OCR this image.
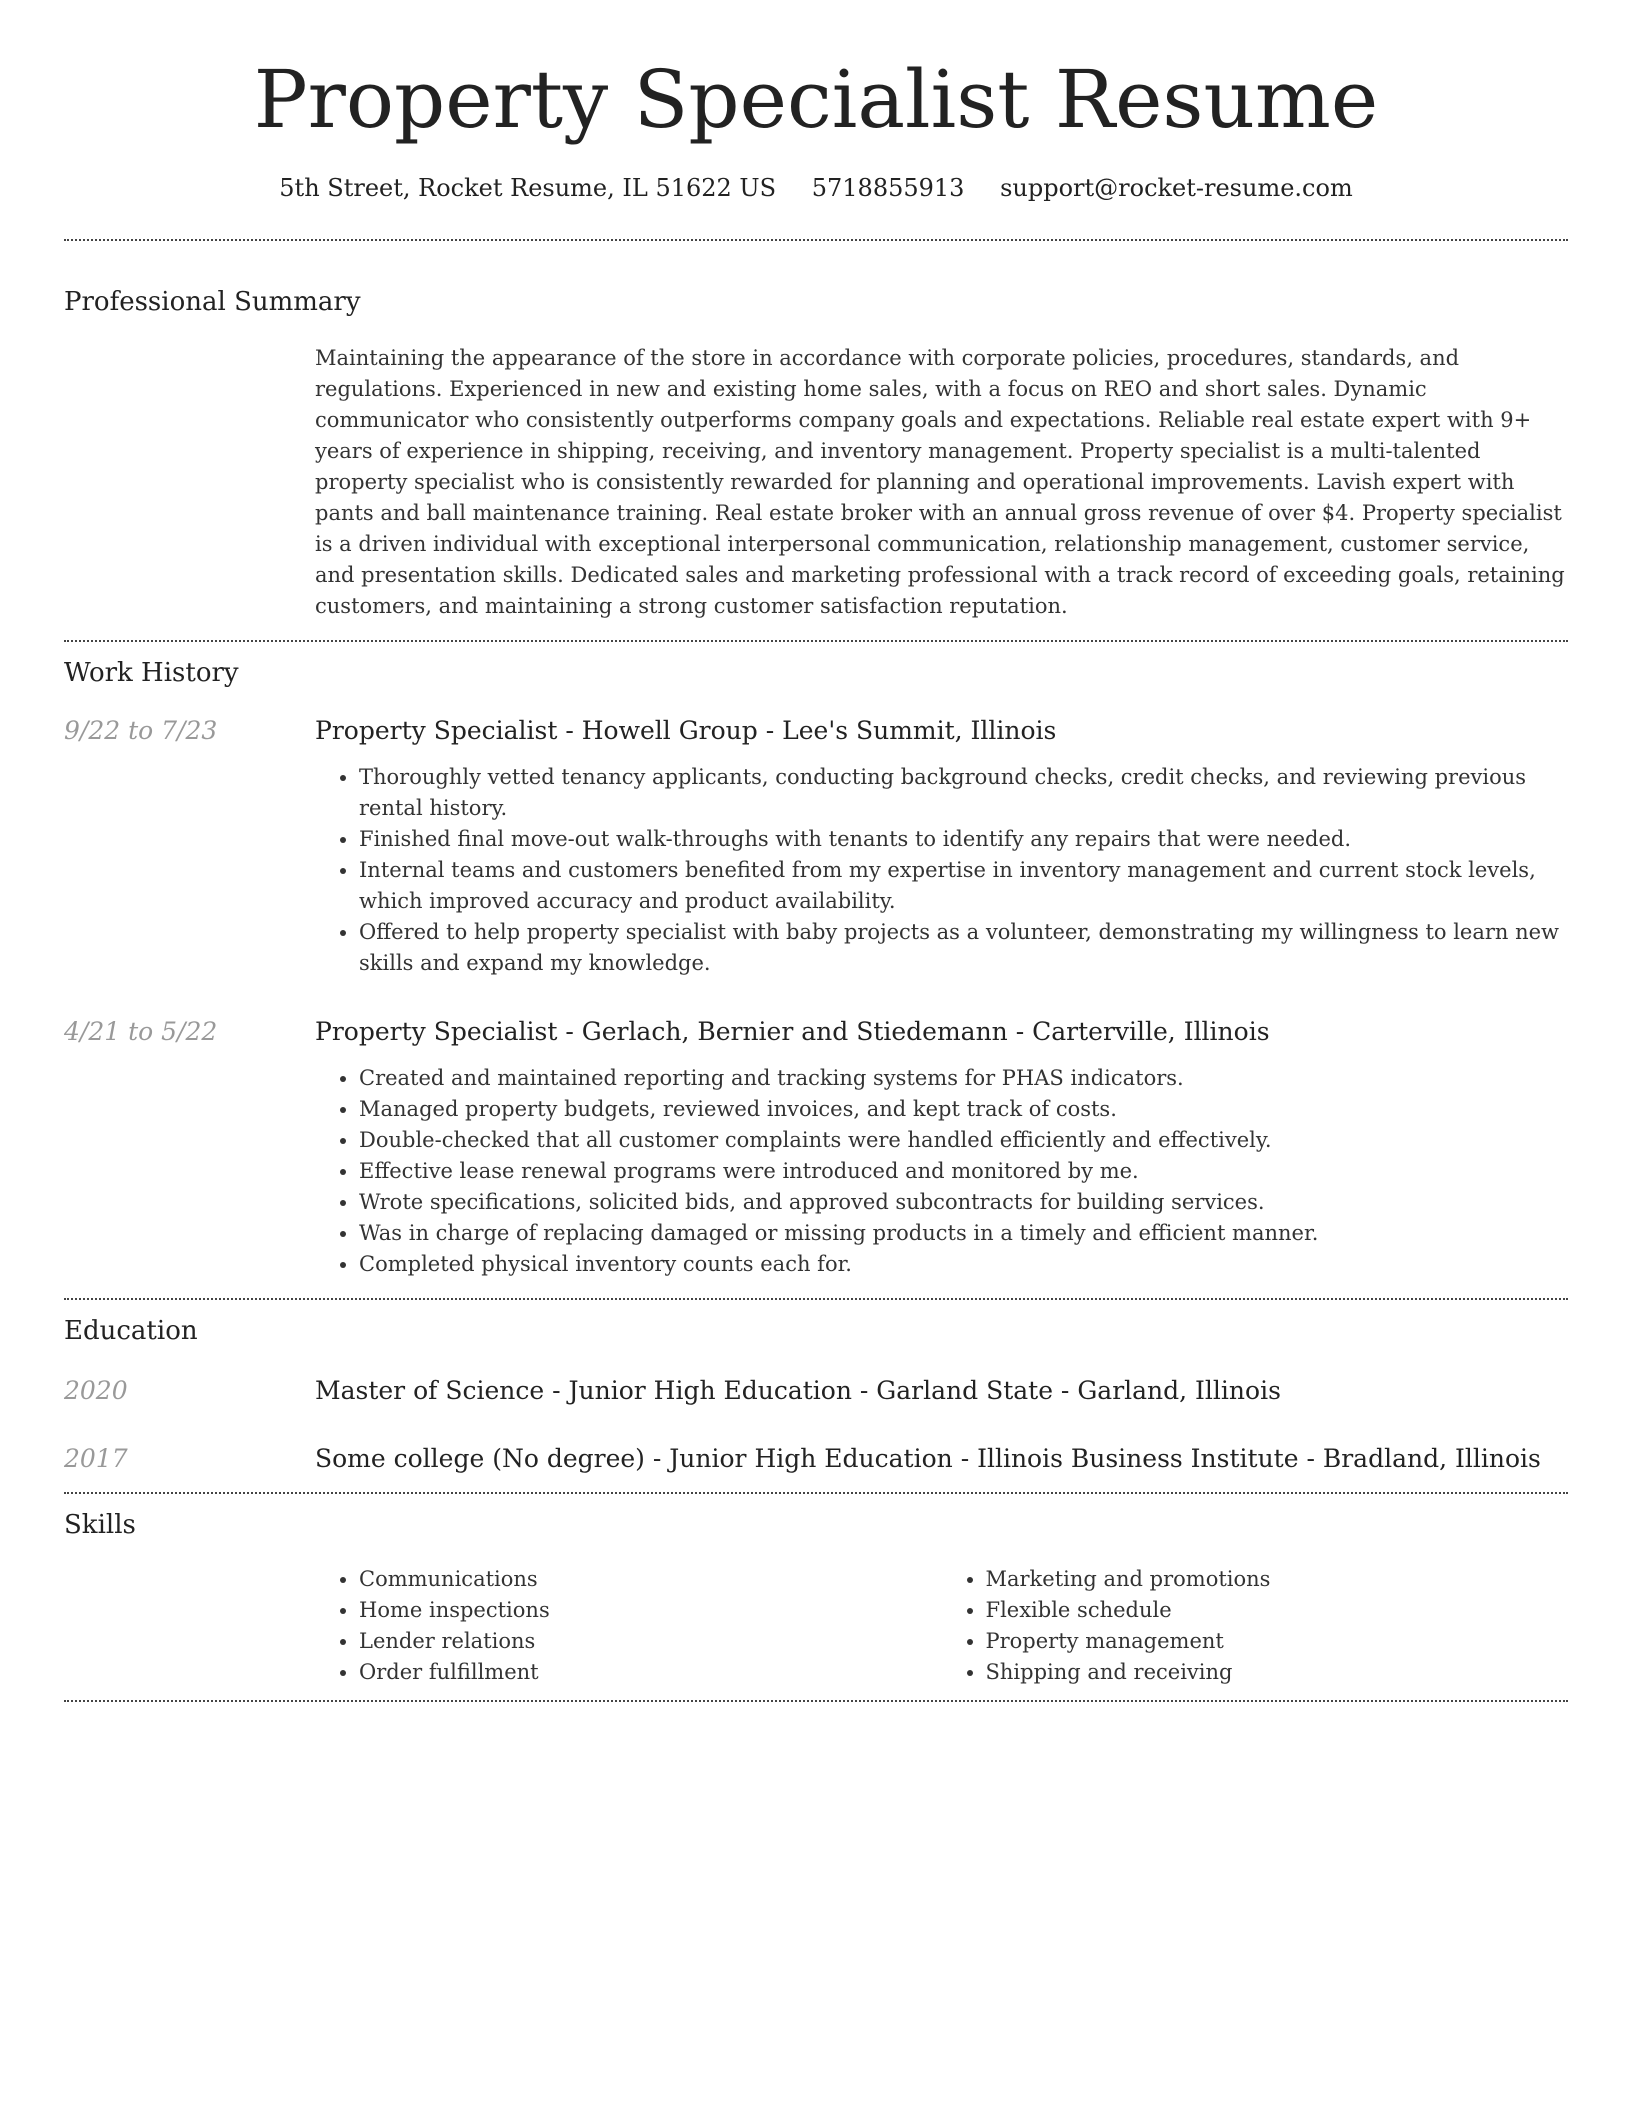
Property Specialist Resume
5th Street, Rocket Resume, IL 51622 US 5718855913 support@rocket-resume.com
Professional Summary

Maintaining the appearance of the store in accordance with corporate policies, procedures, standards, and regulations. Experienced in new and existing home sales, with a focus on REO and short sales. Dynamic communicator who consistently outperforms company goals and expectations. Reliable real estate expert with 9+ years of experience in shipping, receiving, and inventory management. Property specialist is a multi-talented property specialist who is consistently rewarded for planning and operational improvements. Lavish expert with pants and ball maintenance training. Real estate broker with an annual gross revenue of over $4. Property specialist is a driven individual with exceptional interpersonal communication, relationship management, customer service, and presentation skills. Dedicated sales and marketing professional with a track record of exceeding goals, retaining customers, and maintaining a strong customer satisfaction reputation.

Work History
9/22 to 7/23	Property Specialist - Howell Group - Lee's Summit, Illinois
• Thoroughly vetted tenancy applicants, conducting background checks, credit checks, and reviewing previous rental history.
• Finished final move-out walk-throughs with tenants to identify any repairs that were needed.
• Internal teams and customers benefited from my expertise in inventory management and current stock levels, which improved accuracy and product availability.
• Offered to help property specialist with baby projects as a volunteer, demonstrating my willingness to learn new skills and expand my knowledge.
4/21 to 5/22	Property Specialist - Gerlach, Bernier and Stiedemann - Carterville, Illinois
• Created and maintained reporting and tracking systems for PHAS indicators.
• Managed property budgets, reviewed invoices, and kept track of costs.
• Double-checked that all customer complaints were handled efficiently and effectively.
• Effective lease renewal programs were introduced and monitored by me.
• Wrote specifications, solicited bids, and approved subcontracts for building services.
• Was in charge of replacing damaged or missing products in a timely and efficient manner.
• Completed physical inventory counts each for.
Education
2020	Master of Science - Junior High Education - Garland State - Garland, Illinois
2017	Some college (No degree) - Junior High Education - Illinois Business Institute - Bradland, Illinois
Skills
• Communications
• Home inspections
• Lender relations
• Order fulfillment
• Marketing and promotions
• Flexible schedule
• Property management
• Shipping and receiving
